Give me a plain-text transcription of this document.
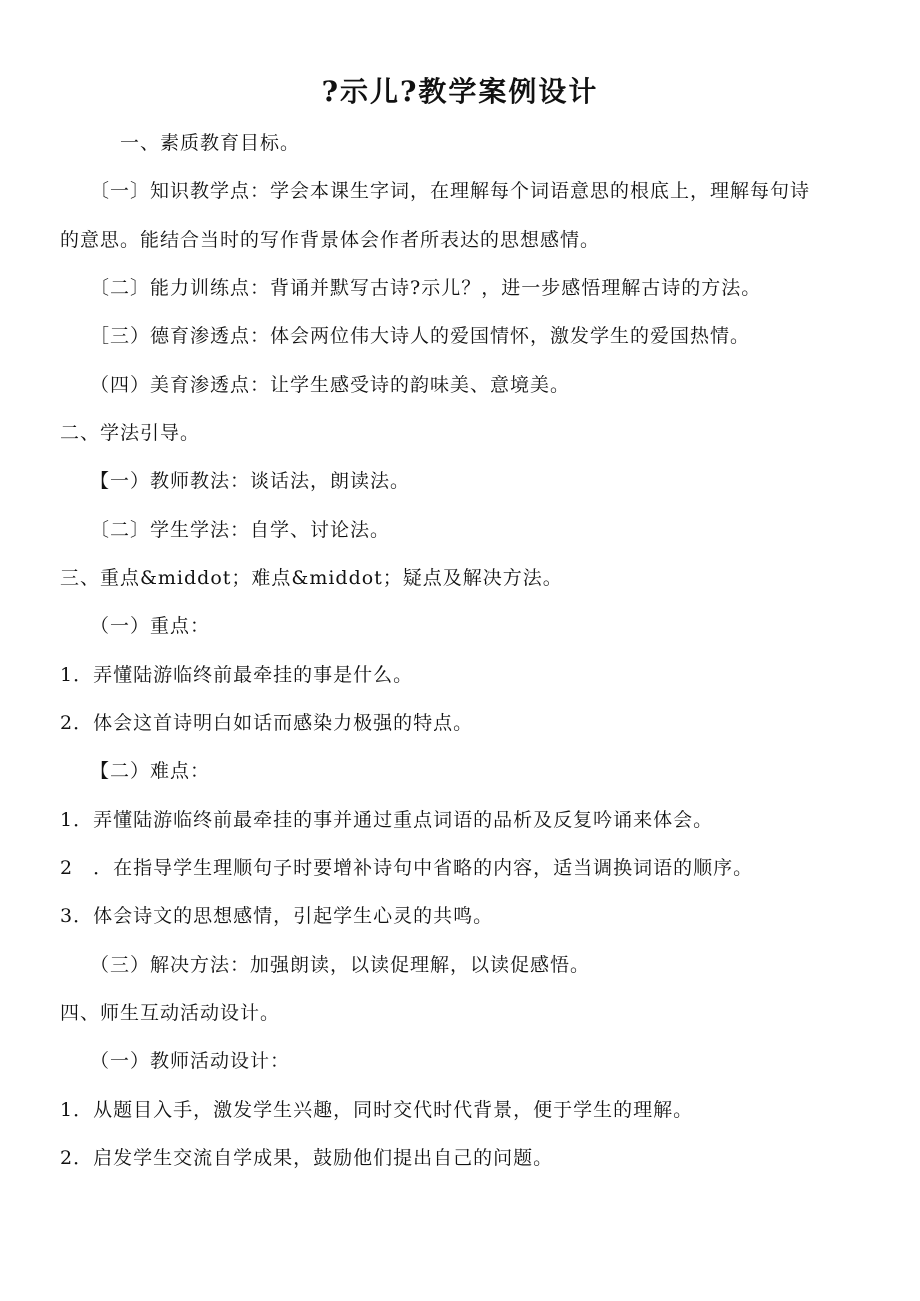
?示儿?教学案例设计
一、素质教育目标。
〔一〕知识教学点：学会本课生字词，在理解每个词语意思的根底上，理解每句诗
的意思。能结合当时的写作背景体会作者所表达的思想感情。
〔二〕能力训练点：背诵并默写古诗?示儿？，进一步感悟理解古诗的方法。
［三）德育渗透点：体会两位伟大诗人的爱国情怀，激发学生的爱国热情。
（四）美育渗透点：让学生感受诗的韵味美、意境美。
二、学法引导。
【一）教师教法：谈话法，朗读法。
〔二〕学生学法：自学、讨论法。
三、重点&middot；难点&middot；疑点及解决方法。
（一）重点：
1．弄懂陆游临终前最牵挂的事是什么。
2．体会这首诗明白如话而感染力极强的特点。
【二）难点：
1．弄懂陆游临终前最牵挂的事并通过重点词语的品析及反复吟诵来体会。
2　．在指导学生理顺句子时要增补诗句中省略的内容，适当调换词语的顺序。
3．体会诗文的思想感情，引起学生心灵的共鸣。
（三）解决方法：加强朗读，以读促理解，以读促感悟。
四、师生互动活动设计。
（一）教师活动设计：
1．从题目入手，激发学生兴趣，同时交代时代背景，便于学生的理解。
2．启发学生交流自学成果，鼓励他们提出自己的问题。
